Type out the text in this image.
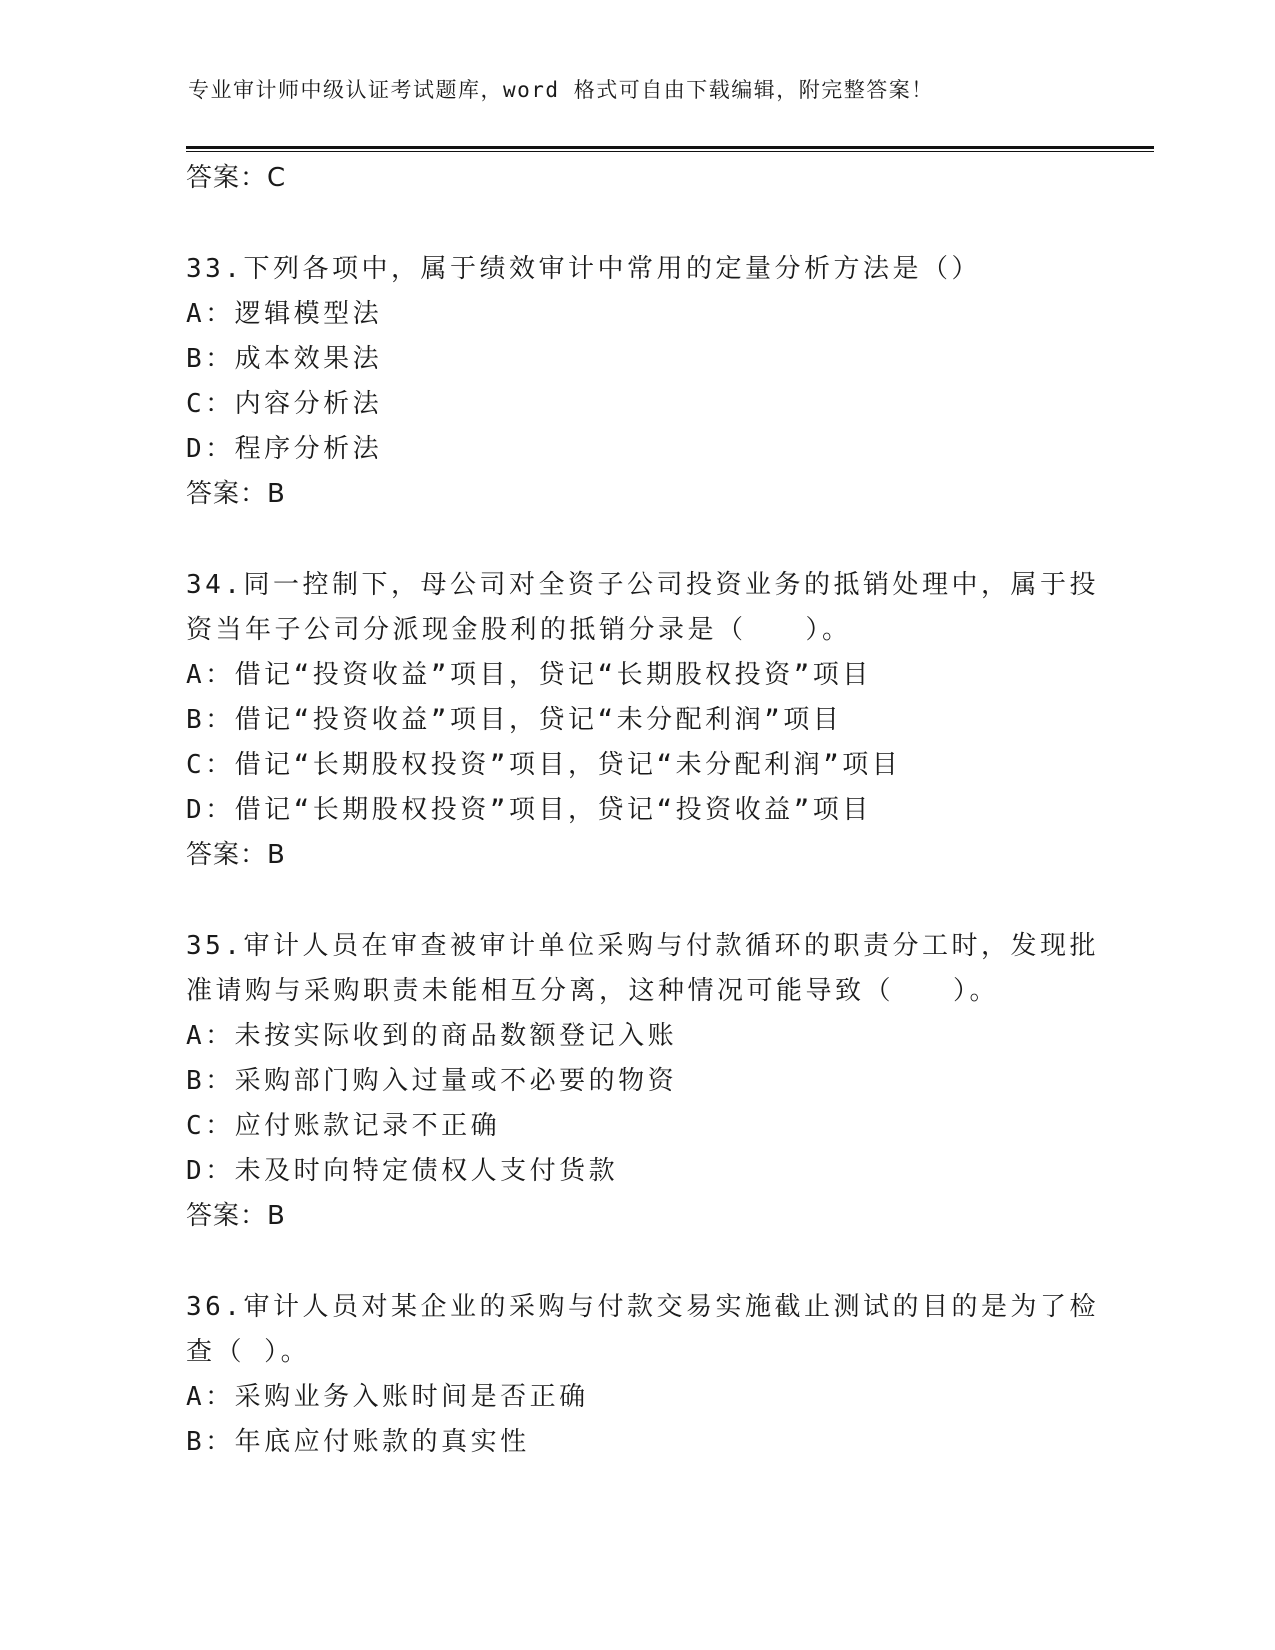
专业审计师中级认证考试题库，word 格式可自由下载编辑，附完整答案！
答案：C
33.下列各项中，属于绩效审计中常用的定量分析方法是（）
A：逻辑模型法
B：成本效果法
C：内容分析法
D：程序分析法
答案：B
34.同一控制下，母公司对全资子公司投资业务的抵销处理中，属于投
资当年子公司分派现金股利的抵销分录是（　　）。
A：借记“投资收益”项目，贷记“长期股权投资”项目
B：借记“投资收益”项目，贷记“未分配利润”项目
C：借记“长期股权投资”项目，贷记“未分配利润”项目
D：借记“长期股权投资”项目，贷记“投资收益”项目
答案：B
35.审计人员在审查被审计单位采购与付款循环的职责分工时，发现批
准请购与采购职责未能相互分离，这种情况可能导致（　　）。
A：未按实际收到的商品数额登记入账
B：采购部门购入过量或不必要的物资
C：应付账款记录不正确
D：未及时向特定债权人支付货款
答案：B
36.审计人员对某企业的采购与付款交易实施截止测试的目的是为了检
查（ ）。
A：采购业务入账时间是否正确
B：年底应付账款的真实性
